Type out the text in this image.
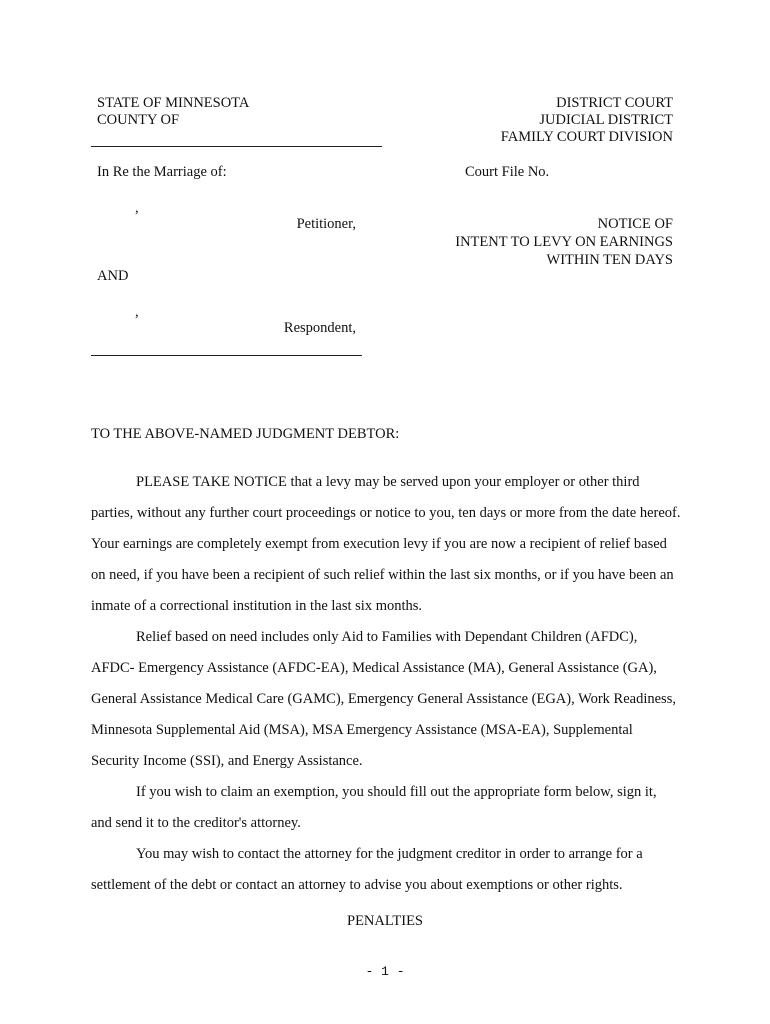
STATE OF MINNESOTA
COUNTY OF
DISTRICT COURT
JUDICIAL DISTRICT
FAMILY COURT DIVISION
In Re the Marriage of:	Court File No.
,
Petitioner,	NOTICE OF
INTENT TO LEVY ON EARNINGS
WITHIN TEN DAYS
AND
,
Respondent,
TO THE ABOVE-NAMED JUDGMENT DEBTOR:

PLEASE TAKE NOTICE that a levy may be served upon your employer or other third parties, without any further court proceedings or notice to you, ten days or more from the date hereof. Your earnings are completely exempt from execution levy if you are now a recipient of relief based on need, if you have been a recipient of such relief within the last six months, or if you have been an inmate of a correctional institution in the last six months.

Relief based on need includes only Aid to Families with Dependant Children (AFDC), AFDC- Emergency Assistance (AFDC-EA), Medical Assistance (MA), General Assistance (GA), General Assistance Medical Care (GAMC), Emergency General Assistance (EGA), Work Readiness, Minnesota Supplemental Aid (MSA), MSA Emergency Assistance (MSA-EA), Supplemental Security Income (SSI), and Energy Assistance.

If you wish to claim an exemption, you should fill out the appropriate form below, sign it, and send it to the creditor's attorney.

You may wish to contact the attorney for the judgment creditor in order to arrange for a settlement of the debt or contact an attorney to advise you about exemptions or other rights.

PENALTIES
- 1 -
